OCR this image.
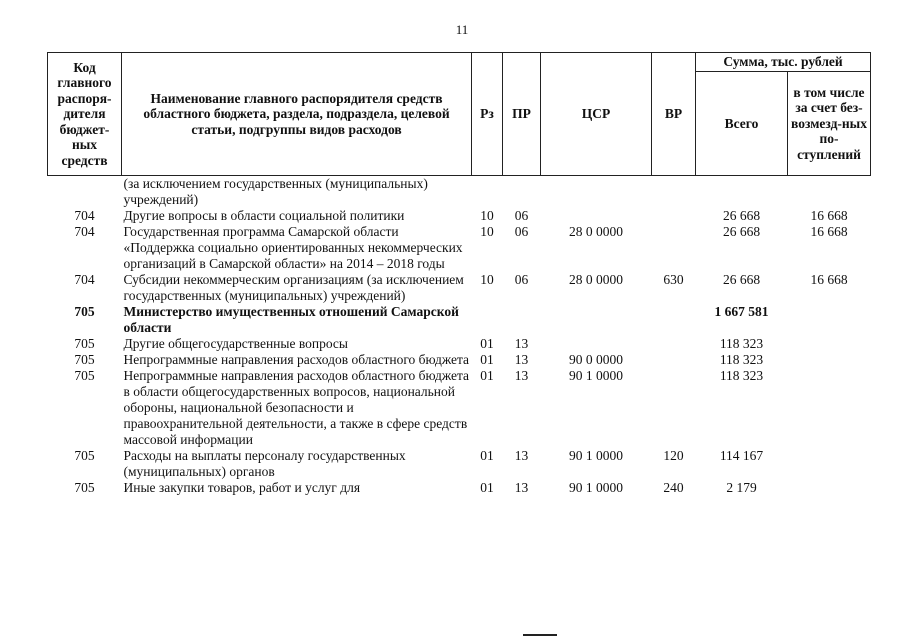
11
Код главного распоря-дителя бюджет-ных средств	Наименование главного распорядителя средств областного бюджета, раздела, подраздела, целевой статьи, подгруппы видов расходов	Рз	ПР	ЦСР	ВР	Сумма, тыс. рублей	
						Всего	в том числе за счет без-возмезд-ных по-ступлений
	(за исключением государственных (муниципальных) учреждений)						
704	Другие вопросы в области социальной политики	10	06			26 668	16 668
704	Государственная программа Самарской области «Поддержка социально ориентированных некоммерческих организаций в Самарской области» на 2014 – 2018 годы	10	06	28 0 0000		26 668	16 668
704	Субсидии некоммерческим организациям (за исключением государственных (муниципальных) учреждений)	10	06	28 0 0000	630	26 668	16 668
705	Министерство имущественных отношений Самарской области					1 667 581	
705	Другие общегосударственные вопросы	01	13			118 323	
705	Непрограммные направления расходов областного бюджета	01	13	90 0 0000		118 323	
705	Непрограммные направления расходов областного бюджета в области общегосударственных вопросов, национальной обороны, национальной безопасности и правоохранительной деятельности, а также в сфере средств массовой информации	01	13	90 1 0000		118 323	
705	Расходы на выплаты персоналу государственных (муниципальных) органов	01	13	90 1 0000	120	114 167	
705	Иные закупки товаров, работ и услуг для	01	13	90 1 0000	240	2 179	
